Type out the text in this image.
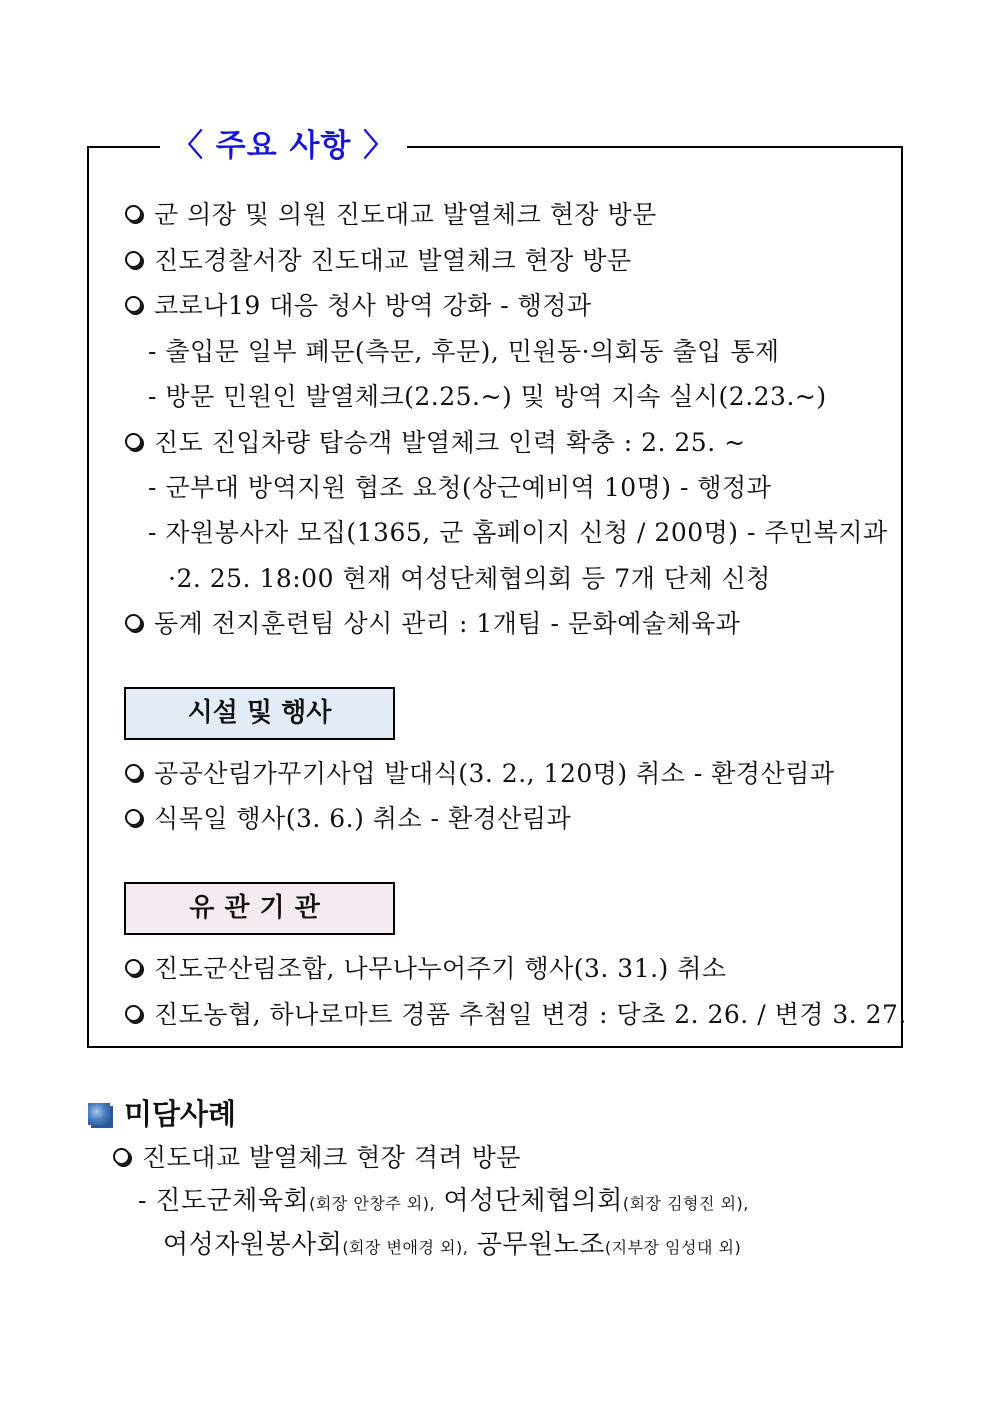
〈 주요 사항 〉
군 의장 및 의원 진도대교 발열체크 현장 방문
진도경찰서장 진도대교 발열체크 현장 방문
코로나19 대응 청사 방역 강화 - 행정과
- 출입문 일부 폐문(측문, 후문), 민원동·의회동 출입 통제
- 방문 민원인 발열체크(2.25.~) 및 방역 지속 실시(2.23.~)
진도 진입차량 탑승객 발열체크 인력 확충 : 2. 25. ~
- 군부대 방역지원 협조 요청(상근예비역 10명) - 행정과
- 자원봉사자 모집(1365, 군 홈페이지 신청 / 200명) - 주민복지과
·2. 25. 18:00 현재 여성단체협의회 등 7개 단체 신청
동계 전지훈련팀 상시 관리 : 1개팀 - 문화예술체육과
시설 및 행사
공공산림가꾸기사업 발대식(3. 2., 120명) 취소 - 환경산림과
식목일 행사(3. 6.) 취소 - 환경산림과
유관기관
진도군산림조합, 나무나누어주기 행사(3. 31.) 취소
진도농협, 하나로마트 경품 추첨일 변경 : 당초 2. 26. / 변경 3. 27.
미담사례
진도대교 발열체크 현장 격려 방문
- 진도군체육회(회장 안창주 외), 여성단체협의회(회장 김형진 외),
여성자원봉사회(회장 변애경 외), 공무원노조(지부장 임성대 외)
